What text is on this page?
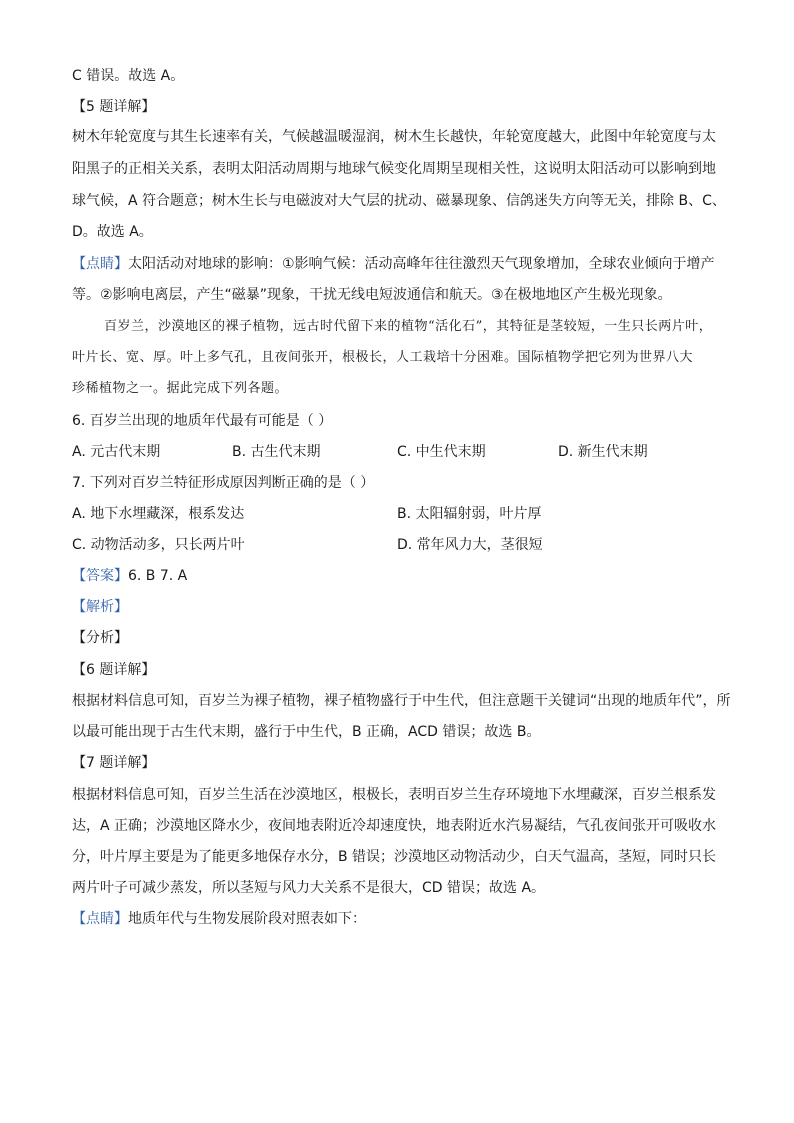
C 错误。故选 A。
【5 题详解】
树木年轮宽度与其生长速率有关，气候越温暖湿润，树木生长越快，年轮宽度越大，此图中年轮宽度与太
阳黑子的正相关关系，表明太阳活动周期与地球气候变化周期呈现相关性，这说明太阳活动可以影响到地
球气候，A 符合题意；树木生长与电磁波对大气层的扰动、磁暴现象、信鸽迷失方向等无关，排除 B、C、
D。故选 A。
【点睛】太阳活动对地球的影响：①影响气候：活动高峰年往往激烈天气现象增加，全球农业倾向于增产
等。②影响电离层，产生“磁暴”现象，干扰无线电短波通信和航天。③在极地地区产生极光现象。
百岁兰，沙漠地区的裸子植物，远古时代留下来的植物“活化石”，其特征是茎较短，一生只长两片叶，
叶片长、宽、厚。叶上多气孔，且夜间张开，根极长，人工栽培十分困难。国际植物学把它列为世界八大
珍稀植物之一。据此完成下列各题。
6. 百岁兰出现的地质年代最有可能是（ ）
A. 元古代末期	B. 古生代末期	C. 中生代末期	D. 新生代末期
7. 下列对百岁兰特征形成原因判断正确的是（ ）
A. 地下水埋藏深，根系发达	B. 太阳辐射弱，叶片厚
C. 动物活动多，只长两片叶	D. 常年风力大，茎很短
【答案】6. B 7. A
【解析】
【分析】
【6 题详解】
根据材料信息可知，百岁兰为裸子植物，裸子植物盛行于中生代，但注意题干关键词“出现的地质年代”，所
以最可能出现于古生代末期，盛行于中生代，B 正确，ACD 错误；故选 B。
【7 题详解】
根据材料信息可知，百岁兰生活在沙漠地区，根极长，表明百岁兰生存环境地下水埋藏深，百岁兰根系发
达，A 正确；沙漠地区降水少，夜间地表附近冷却速度快，地表附近水汽易凝结，气孔夜间张开可吸收水
分，叶片厚主要是为了能更多地保存水分，B 错误；沙漠地区动物活动少，白天气温高，茎短，同时只长
两片叶子可减少蒸发，所以茎短与风力大关系不是很大，CD 错误；故选 A。
【点睛】地质年代与生物发展阶段对照表如下：
